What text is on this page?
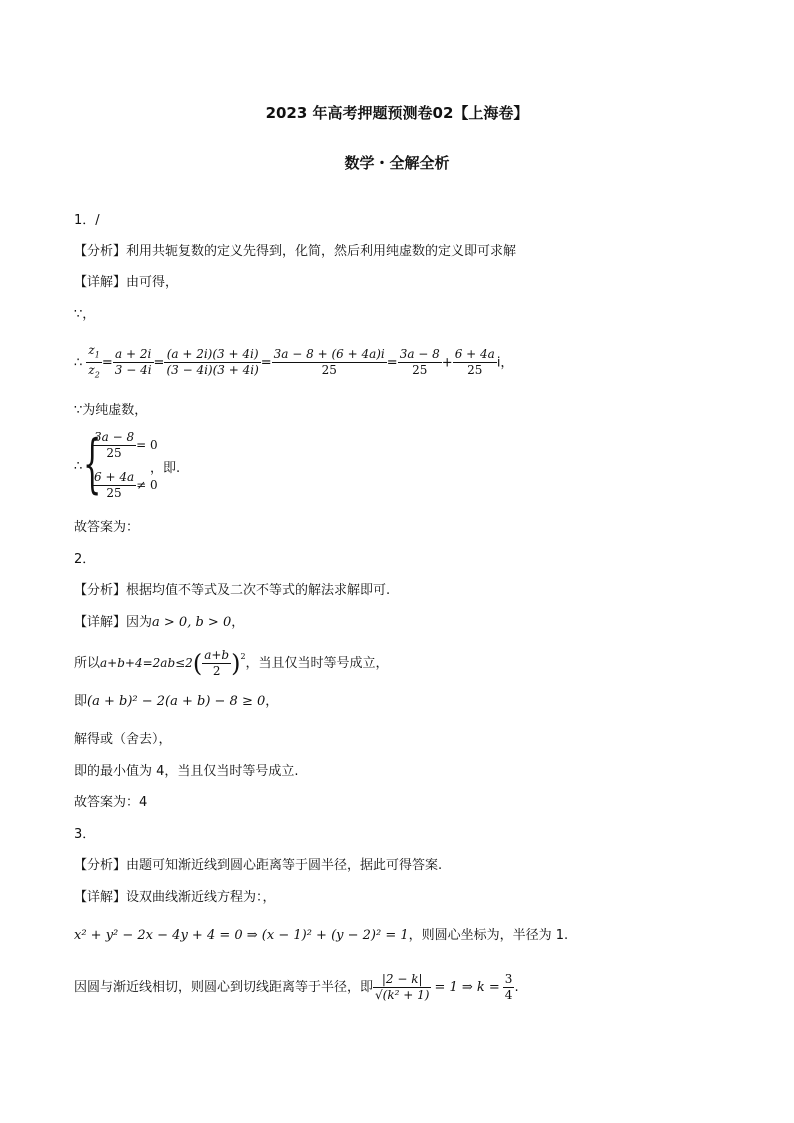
2023 年高考押题预测卷02【上海卷】
数学・全解全析
1．/
【分析】利用共轭复数的定义先得到，化简，然后利用纯虚数的定义即可求解
【详解】由可得，
∵，
∴ $\frac{z_1}{z_2} = \frac{a + 2i}{3 - 4i} = \frac{(a + 2i)(3 + 4i)}{(3 - 4i)(3 + 4i)} = \frac{3a - 8 + (6 + 4a)i}{25} = \frac{3a - 8}{25} + \frac{6 + 4a}{25}$ i，
∵为纯虚数，
∴ {
$\frac{3a - 8}{25} = 0$
$\frac{6 + 4a}{25} \ne 0$
，即.
故答案为：
2．
【分析】根据均值不等式及二次不等式的解法求解即可.
【详解】因为a > 0, b > 0，
所以$a+b+4=2ab\le 2( \frac{a+b}{2} )^2$，当且仅当时等号成立，
即(a + b)² − 2(a + b) − 8 ≥ 0，
解得或（舍去），
即的最小值为 4，当且仅当时等号成立.
故答案为：4
3．
【分析】由题可知渐近线到圆心距离等于圆半径，据此可得答案.
【详解】设双曲线渐近线方程为：，
x² + y² − 2x − 4y + 4 = 0 ⇒ (x − 1)² + (y − 2)² = 1，则圆心坐标为，半径为 1.
因圆与渐近线相切，则圆心到切线距离等于半径，即 $\frac{|2 - k|}{\text{√(k² + 1)}} = 1$ ⇒ $k = \frac{3}{4}$ .
